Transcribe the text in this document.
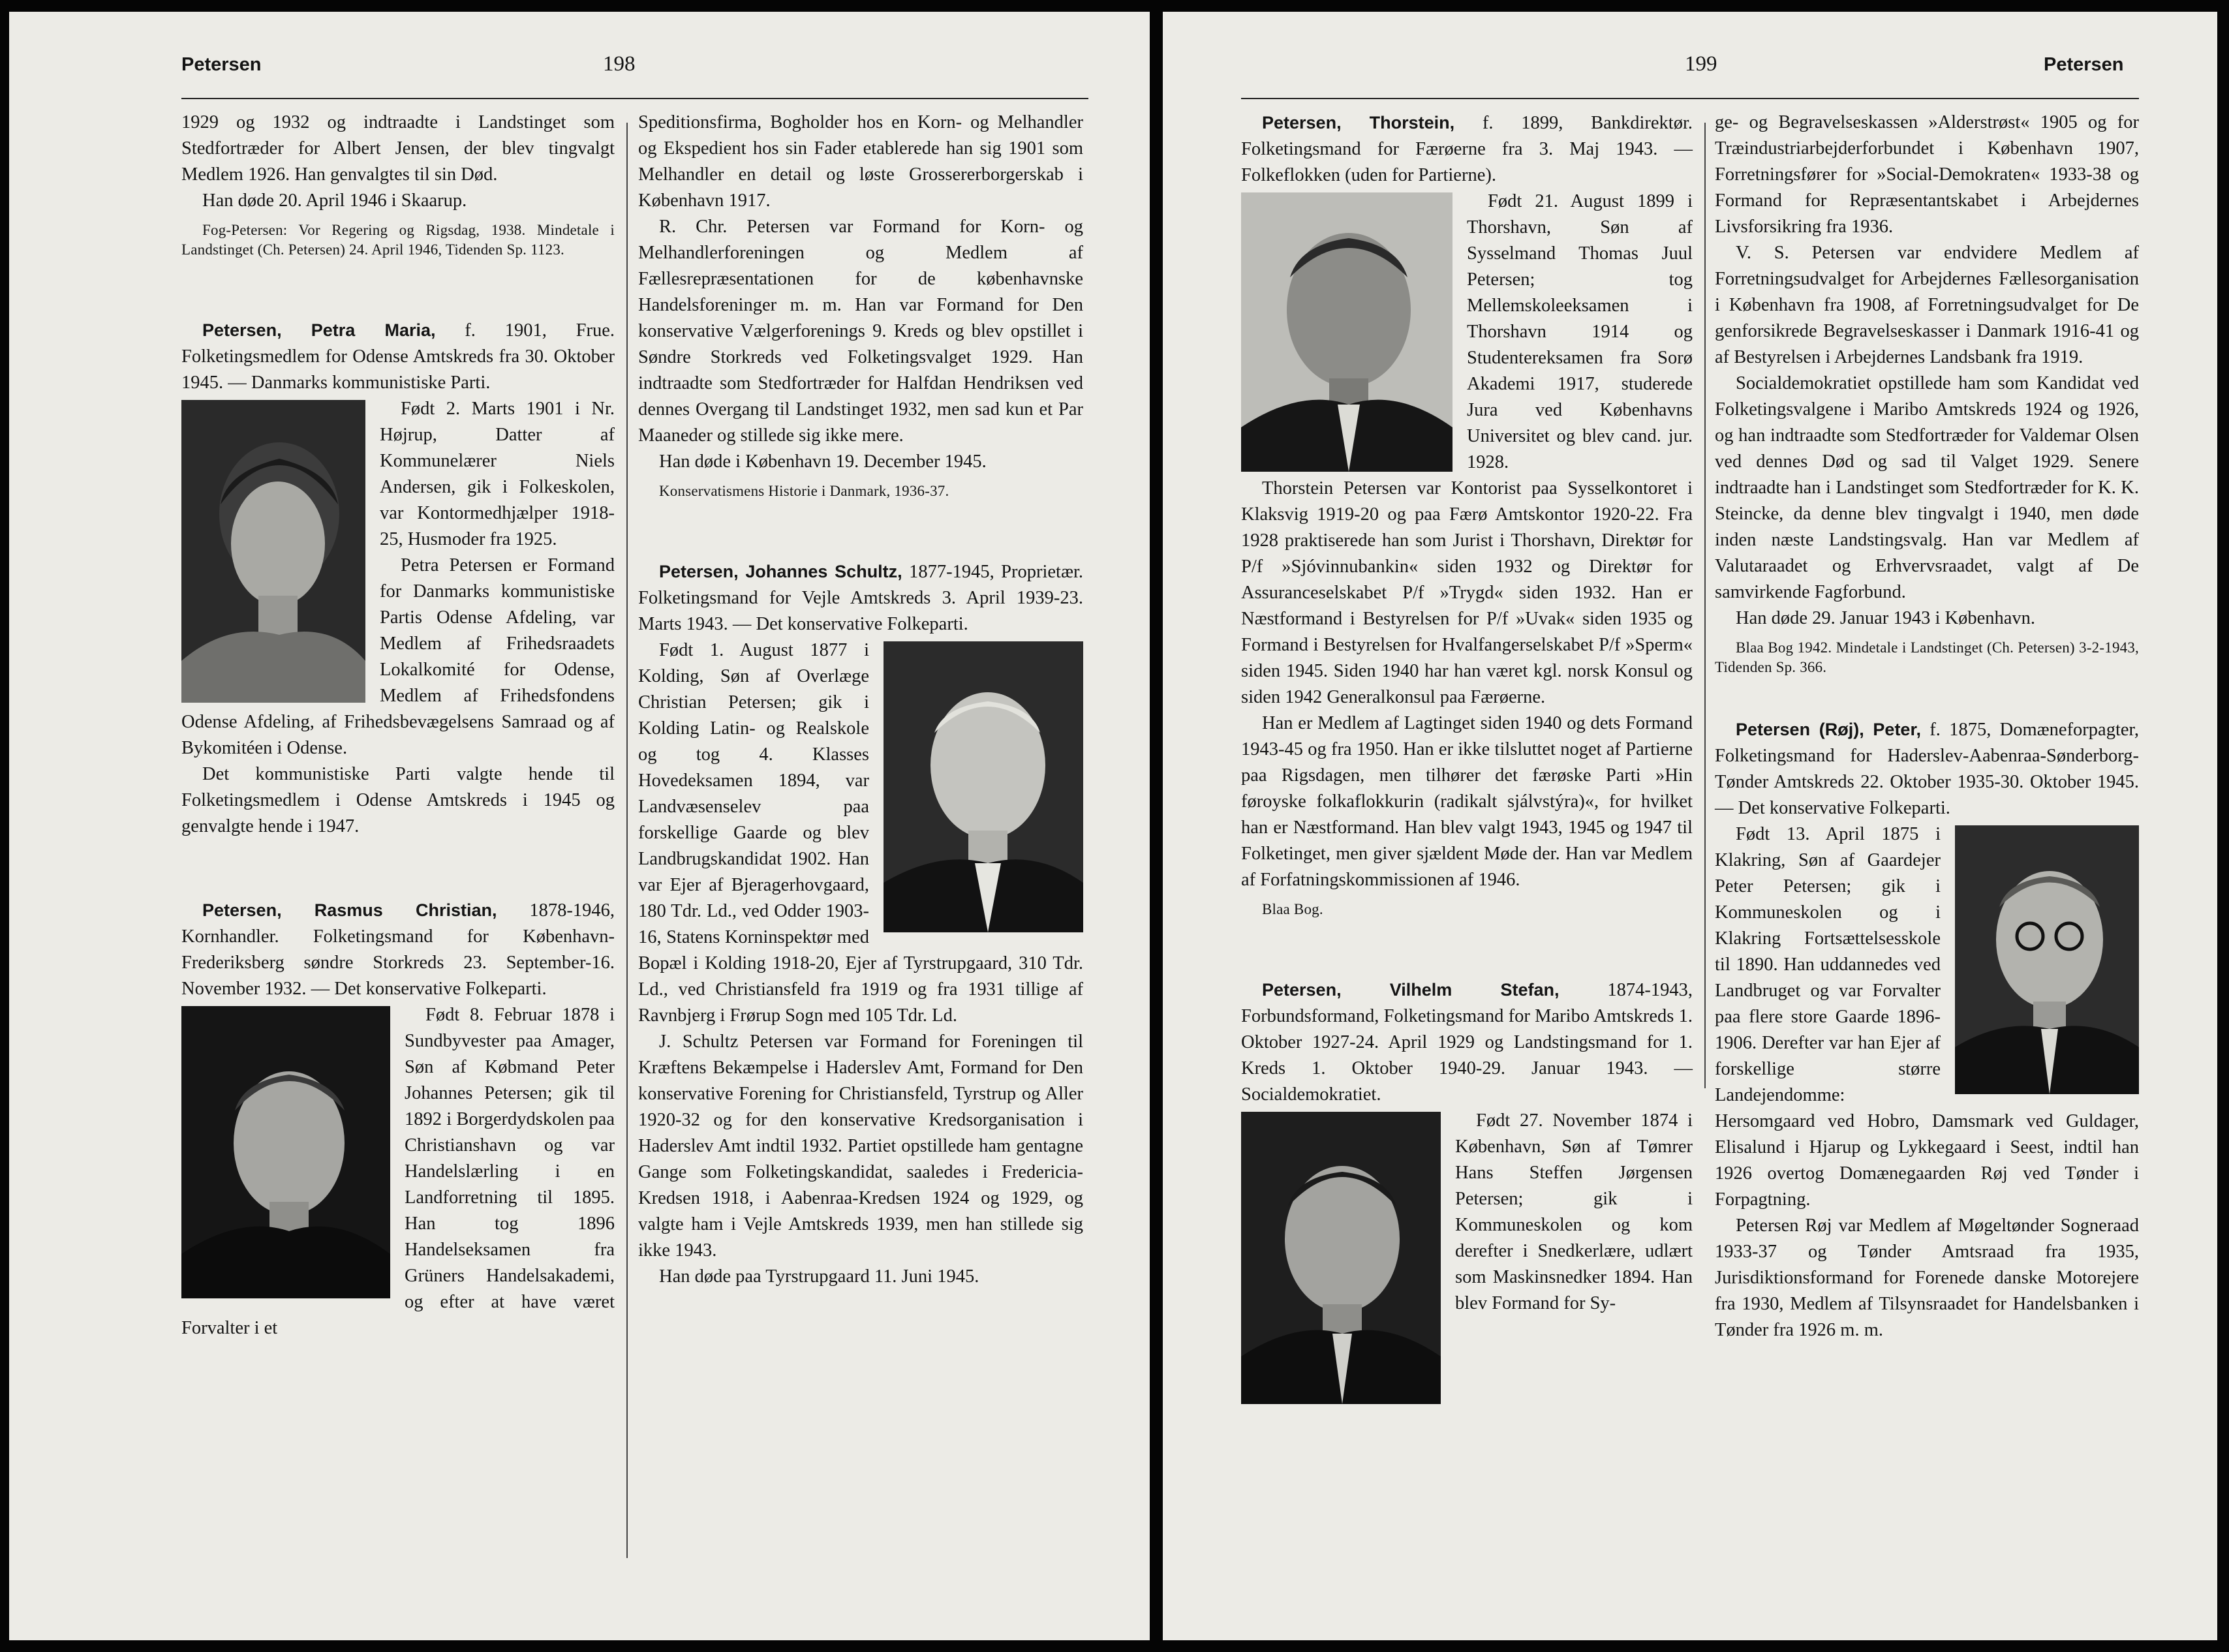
Petersen	198

1929 og 1932 og indtraadte i Landstinget som Stedfortræder for Albert Jensen, der blev tingvalgt Medlem 1926. Han genvalgtes til sin Død.

Han døde 20. April 1946 i Skaarup.

Fog-Petersen: Vor Regering og Rigsdag, 1938. Mindetale i Landstinget (Ch. Petersen) 24. April 1946, Tidenden Sp. 1123.

Petersen, Petra Maria, f. 1901, Frue. Folketingsmedlem for Odense Amtskreds fra 30. Oktober 1945. — Danmarks kommunistiske Parti.

Født 2. Marts 1901 i Nr. Højrup, Datter af Kommunelærer Niels Andersen, gik i Folkeskolen, var Kontormedhjælper 1918-25, Husmoder fra 1925.

Petra Petersen er Formand for Danmarks kommunistiske Partis Odense Afdeling, var Medlem af Frihedsraadets Lokalkomité for Odense, Medlem af Frihedsfondens Odense Afdeling, af Frihedsbevægelsens Samraad og af Bykomitéen i Odense.

Det kommunistiske Parti valgte hende til Folketingsmedlem i Odense Amtskreds i 1945 og genvalgte hende i 1947.

Petersen, Rasmus Christian, 1878-1946, Kornhandler. Folketingsmand for København-Frederiksberg søndre Storkreds 23. September-16. November 1932. — Det konservative Folkeparti.

Født 8. Februar 1878 i Sundbyvester paa Amager, Søn af Købmand Peter Johannes Petersen; gik til 1892 i Borgerdydskolen paa Christianshavn og var Handelslærling i en Landforretning til 1895. Han tog 1896 Handelseksamen fra Grüners Handelsakademi, og efter at have været Forvalter i et

Speditionsfirma, Bogholder hos en Korn- og Melhandler og Ekspedient hos sin Fader etablerede han sig 1901 som Melhandler en detail og løste Grossererborgerskab i København 1917.

R. Chr. Petersen var Formand for Korn- og Melhandlerforeningen og Medlem af Fællesrepræsentationen for de københavnske Handelsforeninger m. m. Han var Formand for Den konservative Vælgerforenings 9. Kreds og blev opstillet i Søndre Storkreds ved Folketingsvalget 1929. Han indtraadte som Stedfortræder for Halfdan Hendriksen ved dennes Overgang til Landstinget 1932, men sad kun et Par Maaneder og stillede sig ikke mere.

Han døde i København 19. December 1945.

Konservatismens Historie i Danmark, 1936-37.

Petersen, Johannes Schultz, 1877-1945, Proprietær. Folketingsmand for Vejle Amtskreds 3. April 1939-23. Marts 1943. — Det konservative Folkeparti.

Født 1. August 1877 i Kolding, Søn af Overlæge Christian Petersen; gik i Kolding Latin- og Realskole og tog 4. Klasses Hovedeksamen 1894, var Landvæsenselev paa forskellige Gaarde og blev Landbrugskandidat 1902. Han var Ejer af Bjeragerhovgaard, 180 Tdr. Ld., ved Odder 1903-16, Statens Korninspektør med Bopæl i Kolding 1918-20, Ejer af Tyrstrupgaard, 310 Tdr. Ld., ved Christiansfeld fra 1919 og fra 1931 tillige af Ravnbjerg i Frørup Sogn med 105 Tdr. Ld.

J. Schultz Petersen var Formand for Foreningen til Kræftens Bekæmpelse i Haderslev Amt, Formand for Den konservative Forening for Christiansfeld, Tyrstrup og Aller 1920-32 og for den konservative Kredsorganisation i Haderslev Amt indtil 1932. Partiet opstillede ham gentagne Gange som Folketingskandidat, saaledes i Fredericia-Kredsen 1918, i Aabenraa-Kredsen 1924 og 1929, og valgte ham i Vejle Amtskreds 1939, men han stillede sig ikke 1943.

Han døde paa Tyrstrupgaard 11. Juni 1945.

199	Petersen

Petersen, Thorstein, f. 1899, Bankdirektør. Folketingsmand for Færøerne fra 3. Maj 1943. — Folkeflokken (uden for Partierne).

Født 21. August 1899 i Thorshavn, Søn af Sysselmand Thomas Juul Petersen; tog Mellemskoleeksamen i Thorshavn 1914 og Studentereksamen fra Sorø Akademi 1917, studerede Jura ved Københavns Universitet og blev cand. jur. 1928.

Thorstein Petersen var Kontorist paa Sysselkontoret i Klaksvig 1919-20 og paa Færø Amtskontor 1920-22. Fra 1928 praktiserede han som Jurist i Thorshavn, Direktør for P/f »Sjóvinnubankin« siden 1932 og Direktør for Assuranceselskabet P/f »Trygd« siden 1932. Han er Næstformand i Bestyrelsen for P/f »Uvak« siden 1935 og Formand i Bestyrelsen for Hvalfangerselskabet P/f »Sperm« siden 1945. Siden 1940 har han været kgl. norsk Konsul og siden 1942 Generalkonsul paa Færøerne.

Han er Medlem af Lagtinget siden 1940 og dets Formand 1943-45 og fra 1950. Han er ikke tilsluttet noget af Partierne paa Rigsdagen, men tilhører det færøske Parti »Hin føroyske folkaflokkurin (radikalt sjálvstýra)«, for hvilket han er Næstformand. Han blev valgt 1943, 1945 og 1947 til Folketinget, men giver sjældent Møde der. Han var Medlem af Forfatningskommissionen af 1946.

Blaa Bog.

Petersen, Vilhelm Stefan, 1874-1943, Forbundsformand, Folketingsmand for Maribo Amtskreds 1. Oktober 1927-24. April 1929 og Landstingsmand for 1. Kreds 1. Oktober 1940-29. Januar 1943. — Socialdemokratiet.

Født 27. November 1874 i København, Søn af Tømrer Hans Steffen Jørgensen Petersen; gik i Kommuneskolen og kom derefter i Snedkerlære, udlært som Maskinsnedker 1894. Han blev Formand for Sy-

ge- og Begravelseskassen »Alderstrøst« 1905 og for Træindustriarbejderforbundet i København 1907, Forretningsfører for »Social-Demokraten« 1933-38 og Formand for Repræsentantskabet i Arbejdernes Livsforsikring fra 1936.

V. S. Petersen var endvidere Medlem af Forretningsudvalget for Arbejdernes Fællesorganisation i København fra 1908, af Forretningsudvalget for De genforsikrede Begravelseskasser i Danmark 1916-41 og af Bestyrelsen i Arbejdernes Landsbank fra 1919.

Socialdemokratiet opstillede ham som Kandidat ved Folketingsvalgene i Maribo Amtskreds 1924 og 1926, og han indtraadte som Stedfortræder for Valdemar Olsen ved dennes Død og sad til Valget 1929. Senere indtraadte han i Landstinget som Stedfortræder for K. K. Steincke, da denne blev tingvalgt i 1940, men døde inden næste Landstingsvalg. Han var Medlem af Valutaraadet og Erhvervsraadet, valgt af De samvirkende Fagforbund.

Han døde 29. Januar 1943 i København.

Blaa Bog 1942. Mindetale i Landstinget (Ch. Petersen) 3-2-1943, Tidenden Sp. 366.

Petersen (Røj), Peter, f. 1875, Domæneforpagter, Folketingsmand for Haderslev-Aabenraa-Sønderborg-Tønder Amtskreds 22. Oktober 1935-30. Oktober 1945. — Det konservative Folkeparti.

Født 13. April 1875 i Klakring, Søn af Gaardejer Peter Petersen; gik i Kommuneskolen og i Klakring Fortsættelsesskole til 1890. Han uddannedes ved Landbruget og var Forvalter paa flere store Gaarde 1896-1906. Derefter var han Ejer af forskellige større Landejendomme: Hersomgaard ved Hobro, Damsmark ved Guldager, Elisalund i Hjarup og Lykkegaard i Seest, indtil han 1926 overtog Domænegaarden Røj ved Tønder i Forpagtning.

Petersen Røj var Medlem af Møgeltønder Sogneraad 1933-37 og Tønder Amtsraad fra 1935, Jurisdiktionsformand for Forenede danske Motorejere fra 1930, Medlem af Tilsynsraadet for Handelsbanken i Tønder fra 1926 m. m.
